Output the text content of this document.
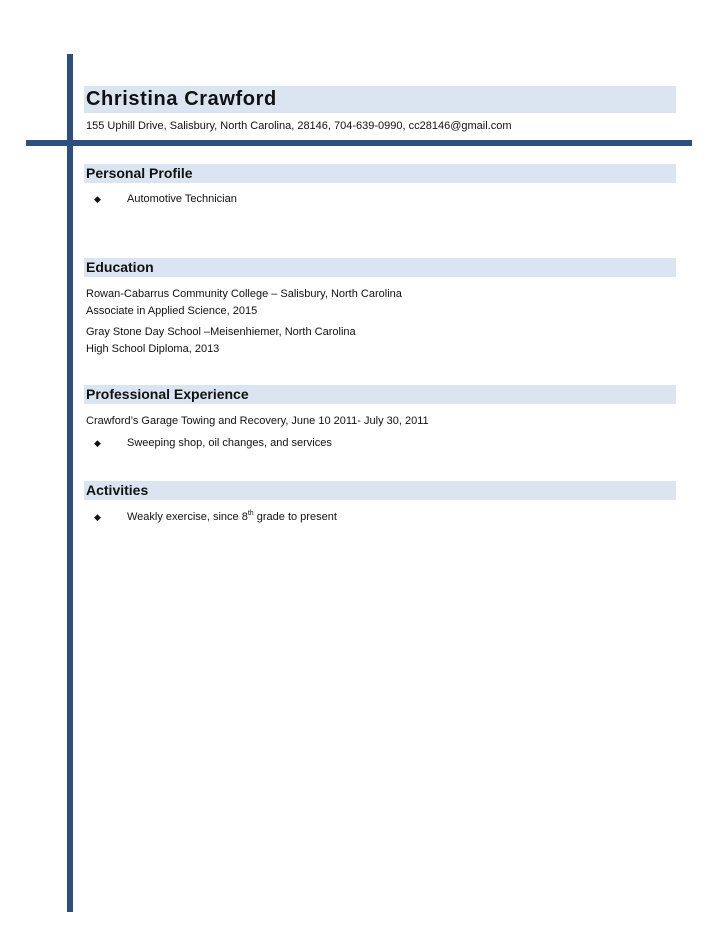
Christina Crawford
155 Uphill Drive, Salisbury, North Carolina, 28146, 704-639-0990, cc28146@gmail.com
Personal Profile
◆ Automotive Technician
Education
Rowan-Cabarrus Community College – Salisbury, North Carolina
Associate in Applied Science, 2015
Gray Stone Day School –Meisenhiemer, North Carolina
High School Diploma, 2013
Professional Experience
Crawford’s Garage Towing and Recovery, June 10 2011- July 30, 2011
◆ Sweeping shop, oil changes, and services
Activities
◆ Weakly exercise, since 8th grade to present
